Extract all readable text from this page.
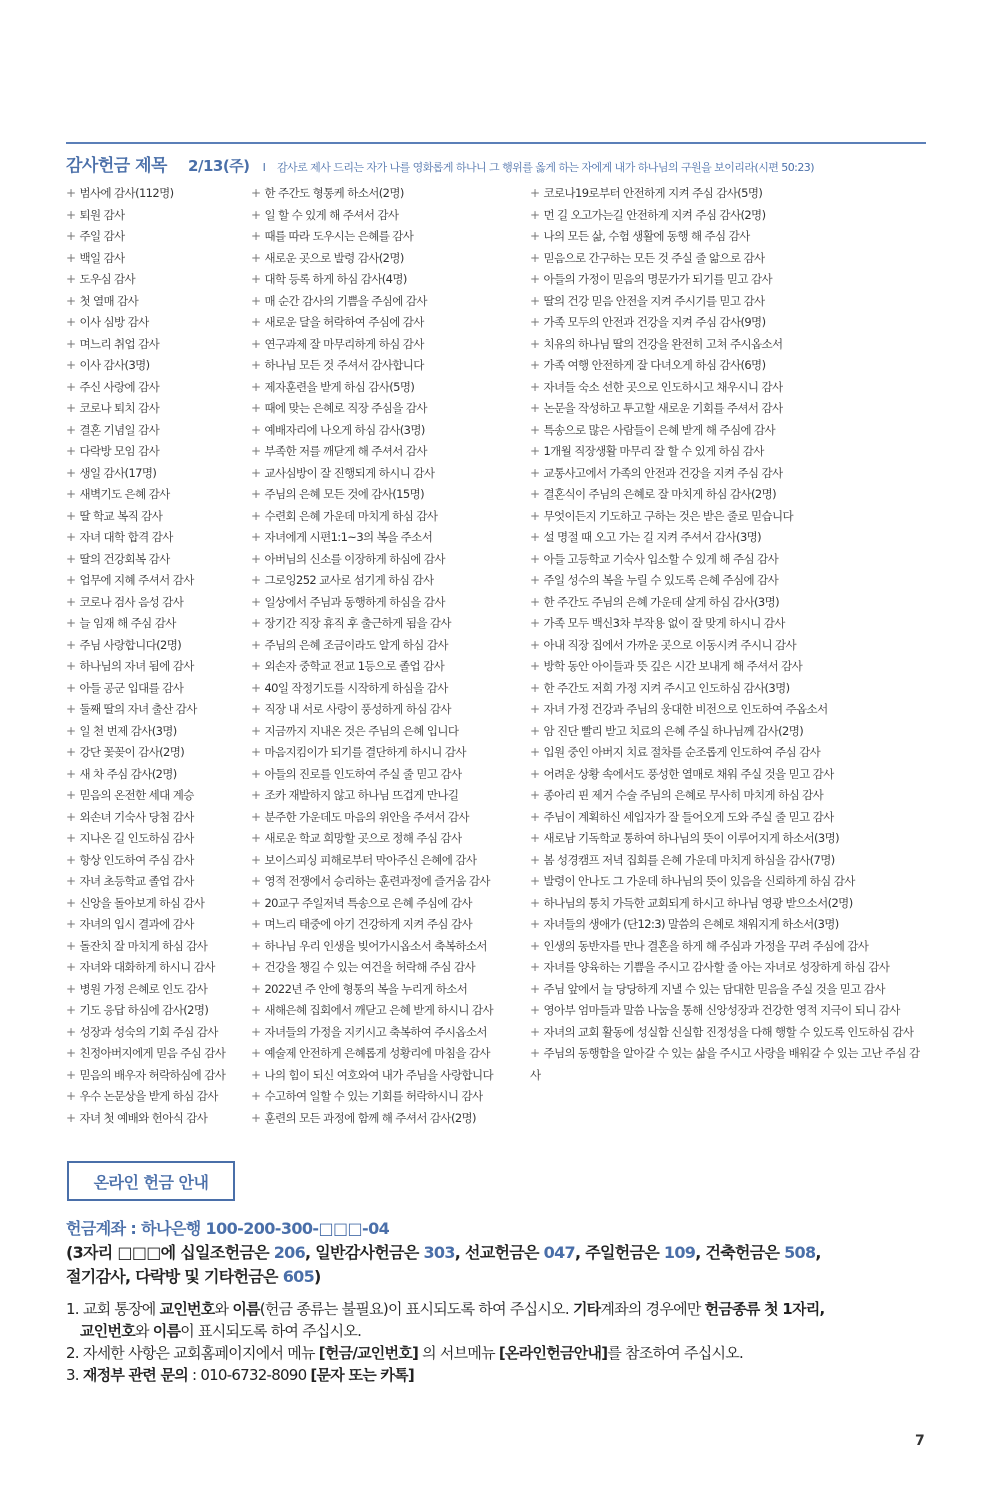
감사헌금 제목 2/13(주) I 감사로 제사 드리는 자가 나를 영화롭게 하나니 그 행위를 옳게 하는 자에게 내가 하나님의 구원을 보이리라(시편 50:23)
+ 범사에 감사(112명)
+ 퇴원 감사
+ 주일 감사
+ 백일 감사
+ 도우심 감사
+ 첫 열매 감사
+ 이사 심방 감사
+ 며느리 취업 감사
+ 이사 감사(3명)
+ 주신 사랑에 감사
+ 코로나 퇴치 감사
+ 결혼 기념일 감사
+ 다락방 모임 감사
+ 생일 감사(17명)
+ 새벽기도 은혜 감사
+ 딸 학교 복직 감사
+ 자녀 대학 합격 감사
+ 딸의 건강회복 감사
+ 업무에 지혜 주셔서 감사
+ 코로나 검사 음성 감사
+ 늘 임재 해 주심 감사
+ 주님 사랑합니다(2명)
+ 하나님의 자녀 됨에 감사
+ 아들 공군 입대를 감사
+ 둘째 딸의 자녀 출산 감사
+ 일 천 번제 감사(3명)
+ 강단 꽃꽂이 감사(2명)
+ 새 차 주심 감사(2명)
+ 믿음의 온전한 세대 계승
+ 외손녀 기숙사 당첨 감사
+ 지나온 길 인도하심 감사
+ 항상 인도하여 주심 감사
+ 자녀 초등학교 졸업 감사
+ 신앙을 돌아보게 하심 감사
+ 자녀의 입시 결과에 감사
+ 돌잔치 잘 마치게 하심 감사
+ 자녀와 대화하게 하시니 감사
+ 병원 가정 은혜로 인도 감사
+ 기도 응답 하심에 감사(2명)
+ 성장과 성숙의 기회 주심 감사
+ 친정아버지에게 믿음 주심 감사
+ 믿음의 배우자 허락하심에 감사
+ 우수 논문상을 받게 하심 감사
+ 자녀 첫 예배와 헌아식 감사
+ 한 주간도 형통케 하소서(2명)
+ 일 할 수 있게 해 주셔서 감사
+ 때를 따라 도우시는 은혜를 감사
+ 새로운 곳으로 발령 감사(2명)
+ 대학 등록 하게 하심 감사(4명)
+ 매 순간 감사의 기쁨을 주심에 감사
+ 새로운 달을 허락하여 주심에 감사
+ 연구과제 잘 마무리하게 하심 감사
+ 하나님 모든 것 주셔서 감사합니다
+ 제자훈련을 받게 하심 감사(5명)
+ 때에 맞는 은혜로 직장 주심을 감사
+ 예배자리에 나오게 하심 감사(3명)
+ 부족한 저를 깨닫게 해 주셔서 감사
+ 교사심방이 잘 진행되게 하시니 감사
+ 주님의 은혜 모든 것에 감사(15명)
+ 수련회 은혜 가운데 마치게 하심 감사
+ 자녀에게 시편1:1~3의 복을 주소서
+ 아버님의 신소를 이장하게 하심에 감사
+ 그로잉252 교사로 섬기게 하심 감사
+ 일상에서 주님과 동행하게 하심을 감사
+ 장기간 직장 휴직 후 출근하게 됨을 감사
+ 주님의 은혜 조금이라도 알게 하심 감사
+ 외손자 중학교 전교 1등으로 졸업 감사
+ 40일 작정기도를 시작하게 하심을 감사
+ 직장 내 서로 사랑이 풍성하게 하심 감사
+ 지금까지 지내온 것은 주님의 은혜 입니다
+ 마음지킴이가 되기를 결단하게 하시니 감사
+ 아들의 진로를 인도하여 주실 줄 믿고 감사
+ 조카 재발하지 않고 하나님 뜨겁게 만나길
+ 분주한 가운데도 마음의 위안을 주셔서 감사
+ 새로운 학교 희망할 곳으로 정해 주심 감사
+ 보이스피싱 피해로부터 막아주신 은혜에 감사
+ 영적 전쟁에서 승리하는 훈련과정에 즐거움 감사
+ 20교구 주일저녁 특송으로 은혜 주심에 감사
+ 며느리 태중에 아기 건강하게 지켜 주심 감사
+ 하나님 우리 인생을 빚어가시옵소서 축복하소서
+ 건강을 챙길 수 있는 여건을 허락해 주심 감사
+ 2022년 주 안에 형통의 복을 누리게 하소서
+ 새해은혜 집회에서 깨닫고 은혜 받게 하시니 감사
+ 자녀들의 가정을 지키시고 축복하여 주시옵소서
+ 예술제 안전하게 은혜롭게 성황리에 마침을 감사
+ 나의 힘이 되신 여호와여 내가 주님을 사랑합니다
+ 수고하여 일할 수 있는 기회를 허락하시니 감사
+ 훈련의 모든 과정에 함께 해 주셔서 감사(2명)
+ 코로나19로부터 안전하게 지켜 주심 감사(5명)
+ 먼 길 오고가는길 안전하게 지켜 주심 감사(2명)
+ 나의 모든 삶, 수험 생활에 동행 해 주심 감사
+ 믿음으로 간구하는 모든 것 주실 줄 앎으로 감사
+ 아들의 가정이 믿음의 명문가가 되기를 믿고 감사
+ 딸의 건강 믿음 안전을 지켜 주시기를 믿고 감사
+ 가족 모두의 안전과 건강을 지켜 주심 감사(9명)
+ 치유의 하나님 딸의 건강을 완전히 고쳐 주시옵소서
+ 가족 여행 안전하게 잘 다녀오게 하심 감사(6명)
+ 자녀들 숙소 선한 곳으로 인도하시고 채우시니 감사
+ 논문을 작성하고 투고할 새로운 기회를 주셔서 감사
+ 특송으로 많은 사람들이 은혜 받게 해 주심에 감사
+ 1개월 직장생활 마무리 잘 할 수 있게 하심 감사
+ 교통사고에서 가족의 안전과 건강을 지켜 주심 감사
+ 결혼식이 주님의 은혜로 잘 마치게 하심 감사(2명)
+ 무엇이든지 기도하고 구하는 것은 받은 줄로 믿습니다
+ 설 명절 때 오고 가는 길 지켜 주셔서 감사(3명)
+ 아들 고등학교 기숙사 입소할 수 있게 해 주심 감사
+ 주일 성수의 복을 누릴 수 있도록 은혜 주심에 감사
+ 한 주간도 주님의 은혜 가운데 살게 하심 감사(3명)
+ 가족 모두 백신3차 부작용 없이 잘 맞게 하시니 감사
+ 아내 직장 집에서 가까운 곳으로 이동시켜 주시니 감사
+ 방학 동안 아이들과 뜻 깊은 시간 보내게 해 주셔서 감사
+ 한 주간도 저희 가정 지켜 주시고 인도하심 감사(3명)
+ 자녀 가정 건강과 주님의 웅대한 비전으로 인도하여 주옵소서
+ 암 진단 빨리 받고 치료의 은혜 주실 하나님께 감사(2명)
+ 입원 중인 아버지 치료 절차를 순조롭게 인도하여 주심 감사
+ 어려운 상황 속에서도 풍성한 열매로 채워 주실 것을 믿고 감사
+ 종아리 핀 제거 수술 주님의 은혜로 무사히 마치게 하심 감사
+ 주님이 계획하신 세입자가 잘 들어오게 도와 주실 줄 믿고 감사
+ 새로남 기독학교 통하여 하나님의 뜻이 이루어지게 하소서(3명)
+ 봄 성경캠프 저녁 집회를 은혜 가운데 마치게 하심을 감사(7명)
+ 발령이 안나도 그 가운데 하나님의 뜻이 있음을 신뢰하게 하심 감사
+ 하나님의 통치 가득한 교회되게 하시고 하나님 영광 받으소서(2명)
+ 자녀들의 생애가 (단12:3) 말씀의 은혜로 채워지게 하소서(3명)
+ 인생의 동반자를 만나 결혼을 하게 해 주심과 가정을 꾸려 주심에 감사
+ 자녀를 양육하는 기쁨을 주시고 감사할 줄 아는 자녀로 성장하게 하심 감사
+ 주님 앞에서 늘 당당하게 지낼 수 있는 담대한 믿음을 주실 것을 믿고 감사
+ 영아부 엄마들과 말씀 나눔을 통해 신앙성장과 건강한 영적 지극이 되니 감사
+ 자녀의 교회 활동에 성실함 신실함 진정성을 다해 행할 수 있도록 인도하심 감사
+ 주님의 동행함을 알아갈 수 있는 삶을 주시고 사랑을 배워갈 수 있는 고난 주심 감사
온라인 헌금 안내
헌금계좌 : 하나은행 100-200-300-□□□-04
(3자리 □□□에 십일조헌금은 206, 일반감사헌금은 303, 선교헌금은 047, 주일헌금은 109, 건축헌금은 508,
절기감사, 다락방 및 기타헌금은 605)

1. 교회 통장에 교인번호와 이름(헌금 종류는 불필요)이 표시되도록 하여 주십시오. 기타계좌의 경우에만 헌금종류 첫 1자리,

교인번호와 이름이 표시되도록 하여 주십시오.

2. 자세한 사항은 교회홈페이지에서 메뉴 [헌금/교인번호] 의 서브메뉴 [온라인헌금안내]를 참조하여 주십시오.

3. 재정부 관련 문의 : 010-6732-8090 [문자 또는 카톡]

7
